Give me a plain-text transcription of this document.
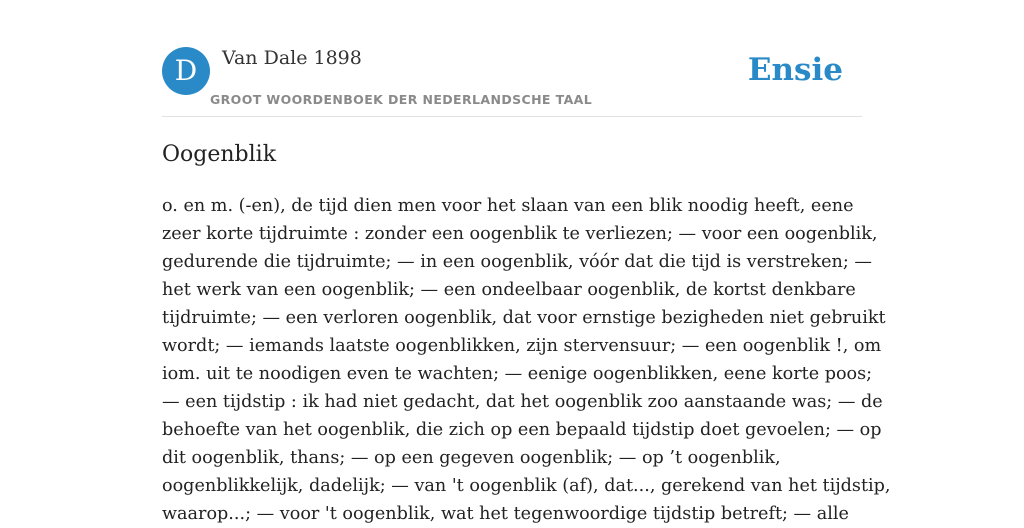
D	Van Dale 1898
GROOT WOORDENBOEK DER NEDERLANDSCHE TAAL
Ensie
Oogenblik

o. en m. (-en), de tijd dien men voor het slaan van een blik noodig heeft, eene
zeer korte tijdruimte : zonder een oogenblik te verliezen; — voor een oogenblik,
gedurende die tijdruimte; — in een oogenblik, vóór dat die tijd is verstreken; —
het werk van een oogenblik; — een ondeelbaar oogenblik, de kortst denkbare
tijdruimte; — een verloren oogenblik, dat voor ernstige bezigheden niet gebruikt
wordt; — iemands laatste oogenblikken, zijn stervensuur; — een oogenblik !, om
iom. uit te noodigen even te wachten; — eenige oogenblikken, eene korte poos;
— een tijdstip : ik had niet gedacht, dat het oogenblik zoo aanstaande was; — de
behoefte van het oogenblik, die zich op een bepaald tijdstip doet gevoelen; — op
dit oogenblik, thans; — op een gegeven oogenblik; — op ’t oogenblik,
oogenblikkelijk, dadelijk; — van 't oogenblik (af), dat..., gerekend van het tijdstip,
waarop...; — voor 't oogenblik, wat het tegenwoordige tijdstip betreft; — alle
